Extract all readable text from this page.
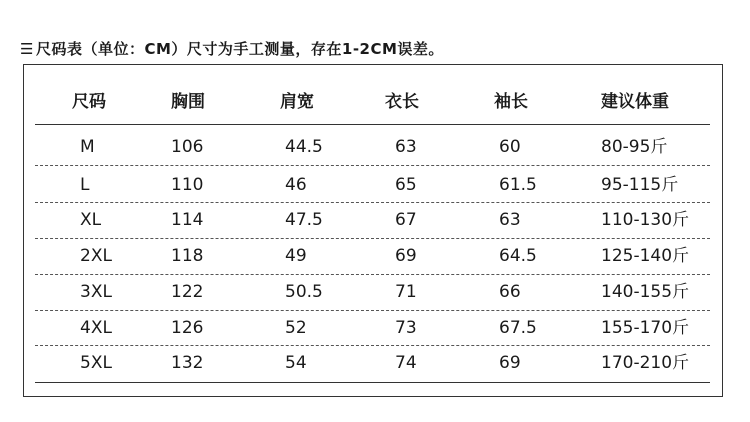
☰ 尺码表（单位：CM）尺寸为手工测量，存在1-2CM误差。
尺码	胸围	肩宽	衣长	袖长	建议体重
M	106	44.5	63	60	80-95斤
L	110	46	65	61.5	95-115斤
XL	114	47.5	67	63	110-130斤
2XL	118	49	69	64.5	125-140斤
3XL	122	50.5	71	66	140-155斤
4XL	126	52	73	67.5	155-170斤
5XL	132	54	74	69	170-210斤
